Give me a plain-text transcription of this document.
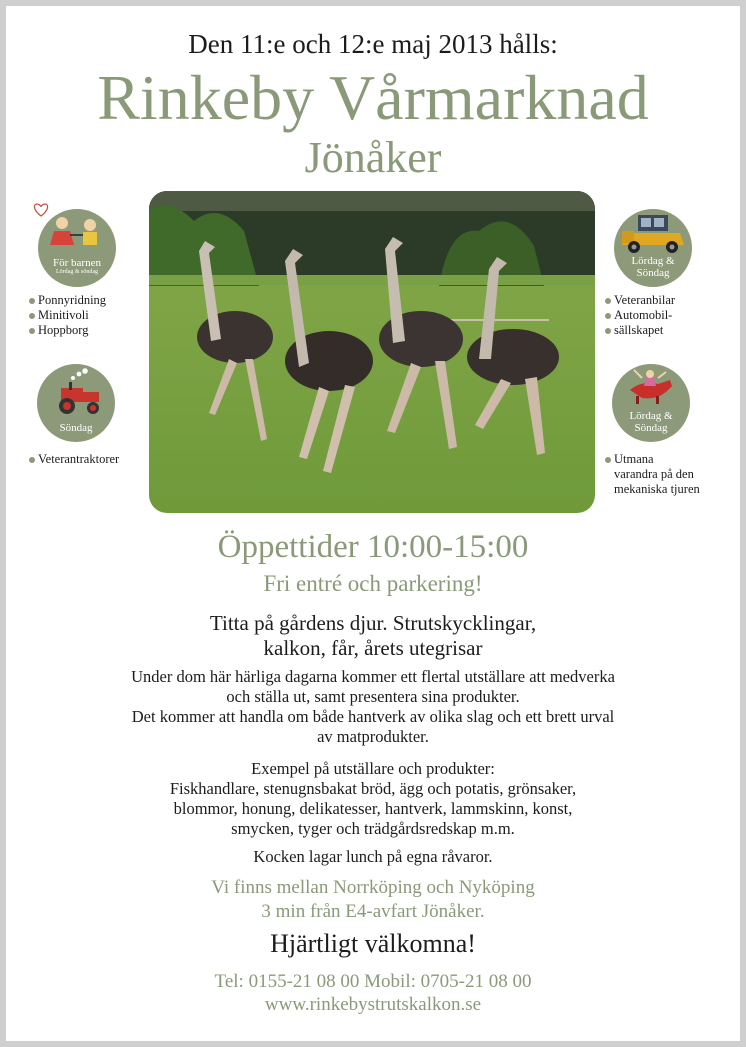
Den 11:e och 12:e maj 2013 hålls:
Rinkeby Vårmarknad
Jönåker
För barnen
Lördag & söndag
Ponnyridning
Minitivoli
Hoppborg
Söndag
Veterantraktorer
Lördag &
Söndag
Veteranbilar
Automobil-
sällskapet
Lördag &
Söndag
Utmana
varandra på den
mekaniska tjuren
Öppettider 10:00-15:00
Fri entré och parkering!
Titta på gårdens djur. Strutskycklingar,
kalkon, får, årets utegrisar
Under dom här härliga dagarna kommer ett flertal utställare att medverka
och ställa ut, samt presentera sina produkter.
Det kommer att handla om både hantverk av olika slag och ett brett urval
av matprodukter.
Exempel på utställare och produkter:
Fiskhandlare, stenugnsbakat bröd, ägg och potatis, grönsaker,
blommor, honung, delikatesser, hantverk, lammskinn, konst,
smycken, tyger och trädgårdsredskap m.m.
Kocken lagar lunch på egna råvaror.
Vi finns mellan Norrköping och Nyköping
3 min från E4-avfart Jönåker.
Hjärtligt välkomna!
Tel: 0155-21 08 00 Mobil: 0705-21 08 00
www.rinkebystrutskalkon.se
